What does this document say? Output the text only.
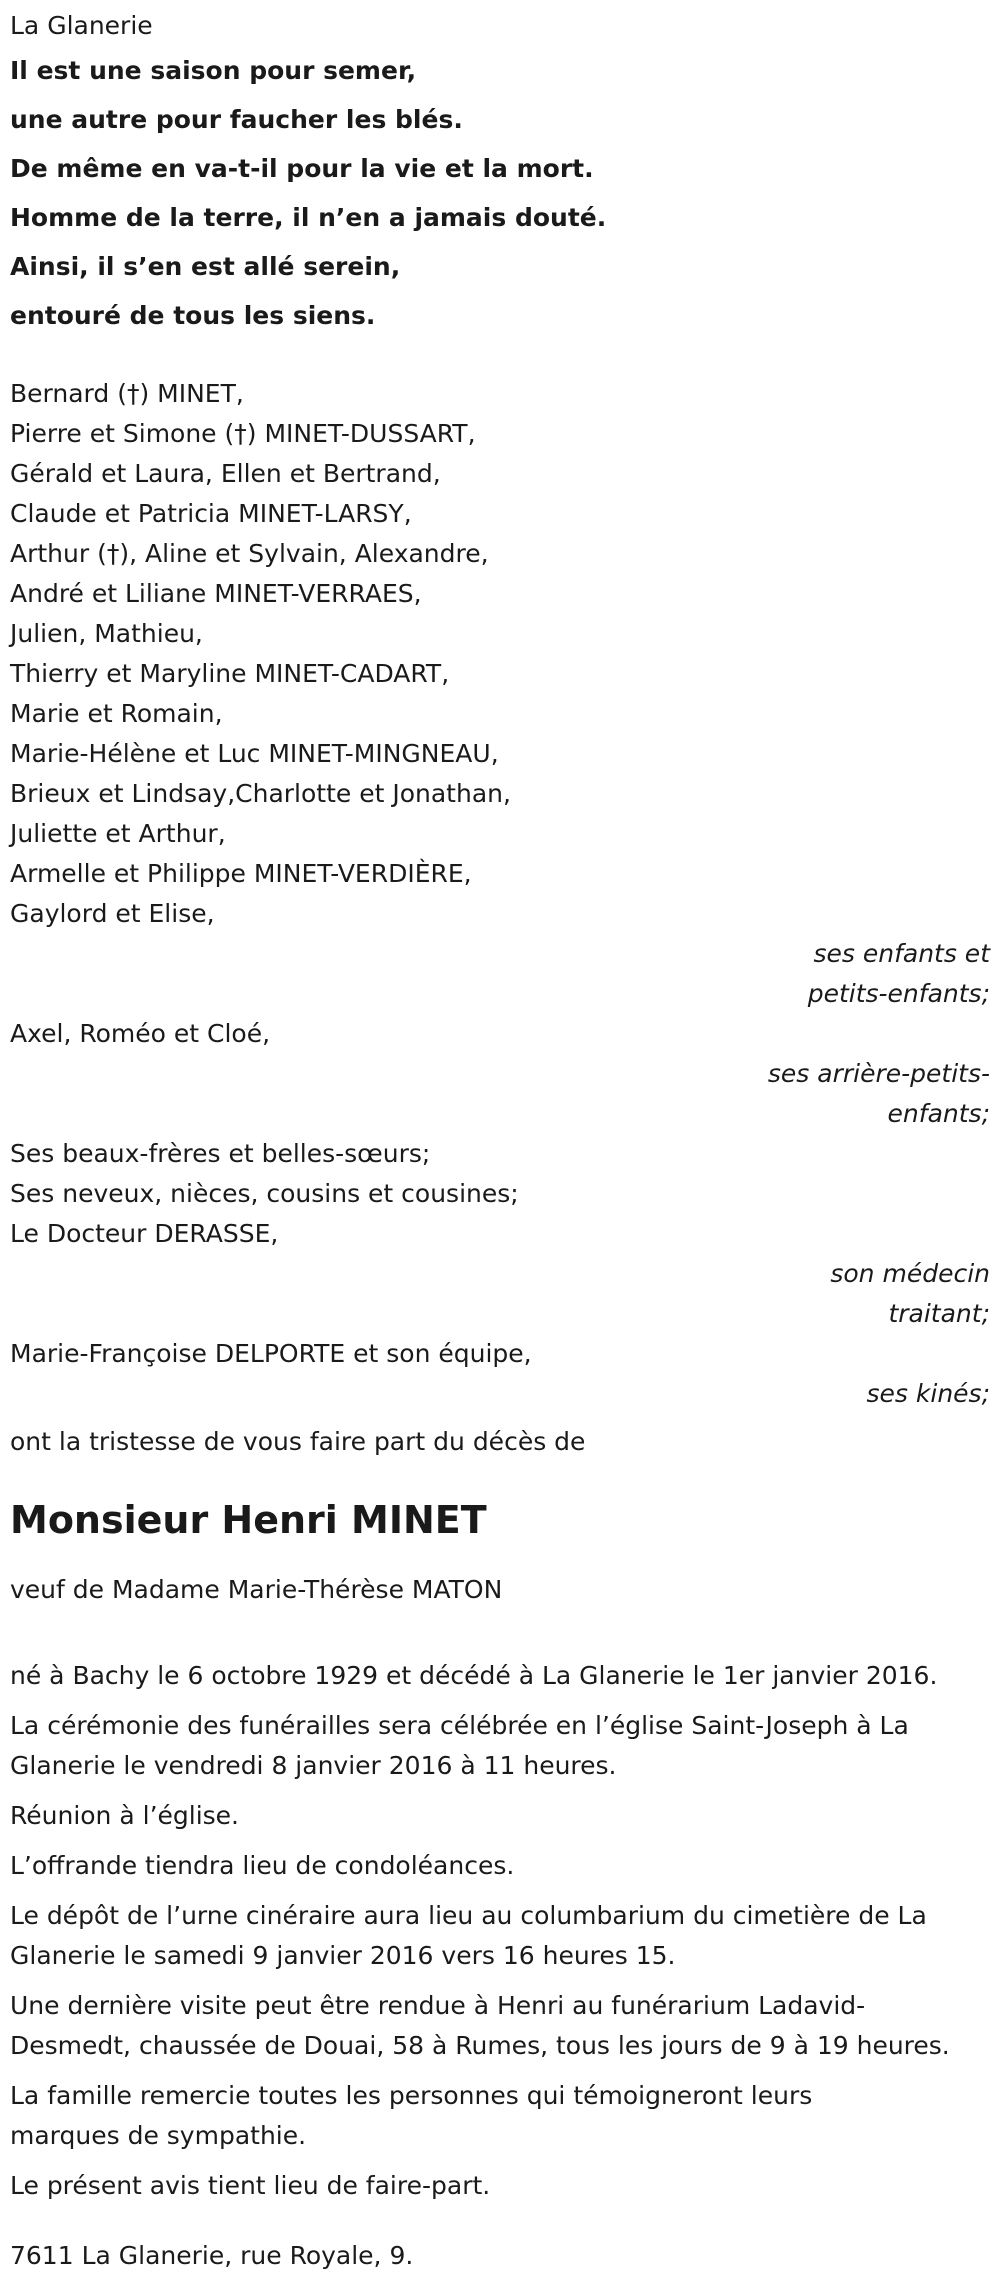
La Glanerie
Il est une saison pour semer,
une autre pour faucher les blés.
De même en va-t-il pour la vie et la mort.
Homme de la terre, il n’en a jamais douté.
Ainsi, il s’en est allé serein,
entouré de tous les siens.
Bernard (†) MINET,
Pierre et Simone (†) MINET-DUSSART,
Gérald et Laura, Ellen et Bertrand,
Claude et Patricia MINET-LARSY,
Arthur (†), Aline et Sylvain, Alexandre,
André et Liliane MINET-VERRAES,
Julien, Mathieu,
Thierry et Maryline MINET-CADART,
Marie et Romain,
Marie-Hélène et Luc MINET-MINGNEAU,
Brieux et Lindsay,Charlotte et Jonathan,
Juliette et Arthur,
Armelle et Philippe MINET-VERDIÈRE,
Gaylord et Elise,
ses enfants et
petits-enfants;
Axel, Roméo et Cloé,
ses arrière-petits-
enfants;
Ses beaux-frères et belles-sœurs;
Ses neveux, nièces, cousins et cousines;
Le Docteur DERASSE,
son médecin
traitant;
Marie-Françoise DELPORTE et son équipe,
ses kinés;
ont la tristesse de vous faire part du décès de
Monsieur Henri MINET
veuf de Madame Marie-Thérèse MATON
né à Bachy le 6 octobre 1929 et décédé à La Glanerie le 1er janvier 2016.
La cérémonie des funérailles sera célébrée en l’église Saint-Joseph à La
Glanerie le vendredi 8 janvier 2016 à 11 heures.
Réunion à l’église.
L’offrande tiendra lieu de condoléances.
Le dépôt de l’urne cinéraire aura lieu au columbarium du cimetière de La
Glanerie le samedi 9 janvier 2016 vers 16 heures 15.
Une dernière visite peut être rendue à Henri au funérarium Ladavid-
Desmedt, chaussée de Douai, 58 à Rumes, tous les jours de 9 à 19 heures.
La famille remercie toutes les personnes qui témoigneront leurs
marques de sympathie.
Le présent avis tient lieu de faire-part.
7611 La Glanerie, rue Royale, 9.
